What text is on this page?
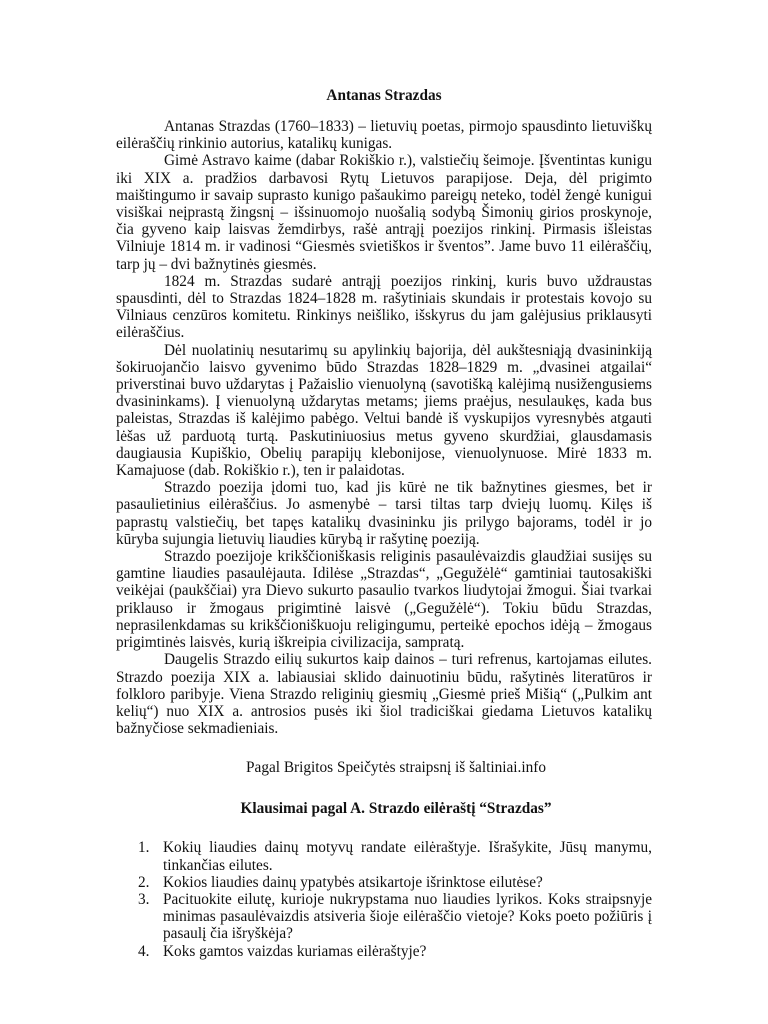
Antanas Strazdas

Antanas Strazdas (1760–1833) – lietuvių poetas, pirmojo spausdinto lietuviškų eilėraščių rinkinio autorius, katalikų kunigas.

Gimė Astravo kaime (dabar Rokiškio r.), valstiečių šeimoje. Įšventintas kunigu iki XIX a. pradžios darbavosi Rytų Lietuvos parapijose. Deja, dėl prigimto maištingumo ir savaip suprasto kunigo pašaukimo pareigų neteko, todėl žengė kunigui visiškai neįprastą žingsnį – išsinuomojo nuošalią sodybą Šimonių girios proskynoje, čia gyveno kaip laisvas žemdirbys, rašė antrąjį poezijos rinkinį. Pirmasis išleistas Vilniuje 1814 m. ir vadinosi “Giesmės svietiškos ir šventos”. Jame buvo 11 eilėraščių, tarp jų – dvi bažnytinės giesmės.

1824 m. Strazdas sudarė antrąjį poezijos rinkinį, kuris buvo uždraustas spausdinti, dėl to Strazdas 1824–1828 m. rašytiniais skundais ir protestais kovojo su Vilniaus cenzūros komitetu. Rinkinys neišliko, išskyrus du jam galėjusius priklausyti eilėraščius.

Dėl nuolatinių nesutarimų su apylinkių bajorija, dėl aukštesniąją dvasininkiją šokiruojančio laisvo gyvenimo būdo Strazdas 1828–1829 m. „dvasinei atgailai“ priverstinai buvo uždarytas į Pažaislio vienuolyną (savotišką kalėjimą nusižengusiems dvasininkams). Į vienuolyną uždarytas metams; jiems praėjus, nesulaukęs, kada bus paleistas, Strazdas iš kalėjimo pabėgo. Veltui bandė iš vyskupijos vyresnybės atgauti lėšas už parduotą turtą. Paskutiniuosius metus gyveno skurdžiai, glausdamasis daugiausia Kupiškio, Obelių parapijų klebonijose, vienuolynuose. Mirė 1833 m. Kamajuose (dab. Rokiškio r.), ten ir palaidotas.

Strazdo poezija įdomi tuo, kad jis kūrė ne tik bažnytines giesmes, bet ir pasaulietinius eilėraščius. Jo asmenybė – tarsi tiltas tarp dviejų luomų. Kilęs iš paprastų valstiečių, bet tapęs katalikų dvasininku jis prilygo bajorams, todėl ir jo kūryba sujungia lietuvių liaudies kūrybą ir rašytinę poeziją.

Strazdo poezijoje krikščioniškasis religinis pasaulėvaizdis glaudžiai susijęs su gamtine liaudies pasaulėjauta. Idilėse „Strazdas“, „Gegužėlė“ gamtiniai tautosakiški veikėjai (paukščiai) yra Dievo sukurto pasaulio tvarkos liudytojai žmogui. Šiai tvarkai priklauso ir žmogaus prigimtinė laisvė („Gegužėlė“). Tokiu būdu Strazdas, neprasilenkdamas su krikščioniškuoju religingumu, perteikė epochos idėją – žmogaus prigimtinės laisvės, kurią iškreipia civilizacija, sampratą.

Daugelis Strazdo eilių sukurtos kaip dainos – turi refrenus, kartojamas eilutes. Strazdo poezija XIX a. labiausiai sklido dainuotiniu būdu, rašytinės literatūros ir folkloro paribyje. Viena Strazdo religinių giesmių „Giesmė prieš Mišią“ („Pulkim ant kelių“) nuo XIX a. antrosios pusės iki šiol tradiciškai giedama Lietuvos katalikų bažnyčiose sekmadieniais.

Pagal Brigitos Speičytės straipsnį iš šaltiniai.info
Klausimai pagal A. Strazdo eilėraštį “Strazdas”
1. Kokių liaudies dainų motyvų randate eilėraštyje. Išrašykite, Jūsų manymu, tinkančias eilutes.
2. Kokios liaudies dainų ypatybės atsikartoje išrinktose eilutėse?
3. Pacituokite eilutę, kurioje nukrypstama nuo liaudies lyrikos. Koks straipsnyje minimas pasaulėvaizdis atsiveria šioje eilėraščio vietoje? Koks poeto požiūris į pasaulį čia išryškėja?
4. Koks gamtos vaizdas kuriamas eilėraštyje?
